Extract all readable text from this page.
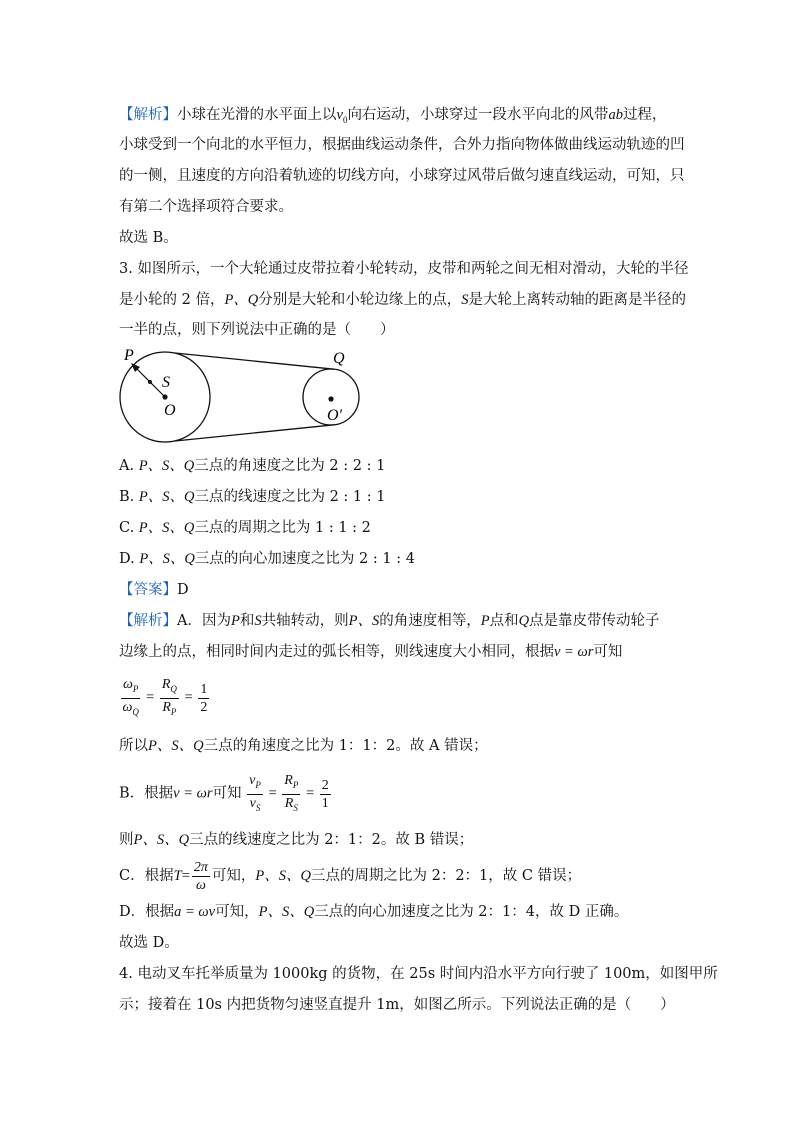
【解析】小球在光滑的水平面上以$v_0$向右运动，小球穿过一段水平向北的风带ab过程，
小球受到一个向北的水平恒力，根据曲线运动条件，合外力指向物体做曲线运动轨迹的凹
的一侧，且速度的方向沿着轨迹的切线方向，小球穿过风带后做匀速直线运动，可知，只
有第二个选择项符合要求。
故选 B。
3. 如图所示，一个大轮通过皮带拉着小轮转动，皮带和两轮之间无相对滑动，大轮的半径
是小轮的 2 倍，P、Q分别是大轮和小轮边缘上的点，S是大轮上离转动轴的距离是半径的
一半的点，则下列说法中正确的是（　　）
P
S
O
Q
O′
A. P、S、Q三点的角速度之比为 2 : 2 : 1
B. P、S、Q三点的线速度之比为 2 : 1 : 1
C. P、S、Q三点的周期之比为 1 : 1 : 2
D. P、S、Q三点的向心加速度之比为 2 : 1 : 4
【答案】D
【解析】A．因为P和S共轴转动，则P、S的角速度相等，P点和Q点是靠皮带传动轮子
边缘上的点，相同时间内走过的弧长相等，则线速度大小相同，根据v = ωr可知
$\frac{\omega_P}{\omega_Q} = \frac{R_Q}{R_P} = \frac{1}{2}$
所以P、S、Q三点的角速度之比为 1：1：2。故 A 错误；
B．根据v = ωr可知 $\frac{v_P}{v_S} = \frac{R_P}{R_S} = \frac{2}{1}$
则P、S、Q三点的线速度之比为 2：1：2。故 B 错误；
C．根据$T= \frac{2\pi}{\omega}$ 可知，P、S、Q三点的周期之比为 2：2：1，故 C 错误；
D．根据a = ωv可知，P、S、Q三点的向心加速度之比为 2：1：4，故 D 正确。
故选 D。
4. 电动叉车托举质量为 1000kg 的货物，在 25s 时间内沿水平方向行驶了 100m，如图甲所
示；接着在 10s 内把货物匀速竖直提升 1m，如图乙所示。下列说法正确的是（　　）
